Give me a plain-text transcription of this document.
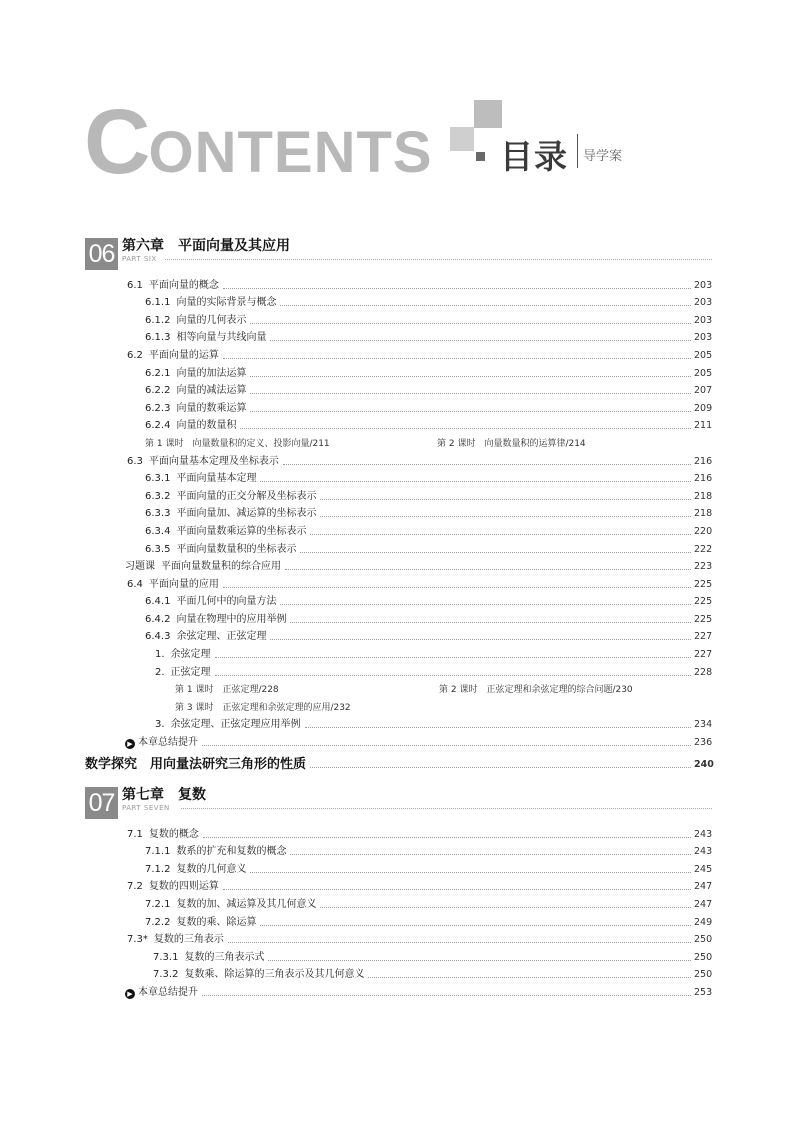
CONTENTS 目录 导学案
06 第六章　平面向量及其应用
PART SIX
6.1 平面向量的概念	203
6.1.1 向量的实际背景与概念	203
6.1.2 向量的几何表示	203
6.1.3 相等向量与共线向量	203
6.2 平面向量的运算	205
6.2.1 向量的加法运算	205
6.2.2 向量的减法运算	207
6.2.3 向量的数乘运算	209
6.2.4 向量的数量积	211
第 1 课时　向量数量积的定义、投影向量/211	第 2 课时　向量数量积的运算律/214
6.3 平面向量基本定理及坐标表示	216
6.3.1 平面向量基本定理	216
6.3.2 平面向量的正交分解及坐标表示	218
6.3.3 平面向量加、减运算的坐标表示	218
6.3.4 平面向量数乘运算的坐标表示	220
6.3.5 平面向量数量积的坐标表示	222
习题课 平面向量数量积的综合应用	223
6.4 平面向量的应用	225
6.4.1 平面几何中的向量方法	225
6.4.2 向量在物理中的应用举例	225
6.4.3 余弦定理、正弦定理	227
1. 余弦定理	227
2. 正弦定理	228
第 1 课时　正弦定理/228	第 2 课时　正弦定理和余弦定理的综合问题/230
第 3 课时　正弦定理和余弦定理的应用/232
3. 余弦定理、正弦定理应用举例	234
▶ 本章总结提升	236
数学探究　用向量法研究三角形的性质	240
07 第七章　复数
PART SEVEN
7.1 复数的概念	243
7.1.1 数系的扩充和复数的概念	243
7.1.2 复数的几何意义	245
7.2 复数的四则运算	247
7.2.1 复数的加、减运算及其几何意义	247
7.2.2 复数的乘、除运算	249
7.3* 复数的三角表示	250
7.3.1 复数的三角表示式	250
7.3.2 复数乘、除运算的三角表示及其几何意义	250
▶ 本章总结提升	253
